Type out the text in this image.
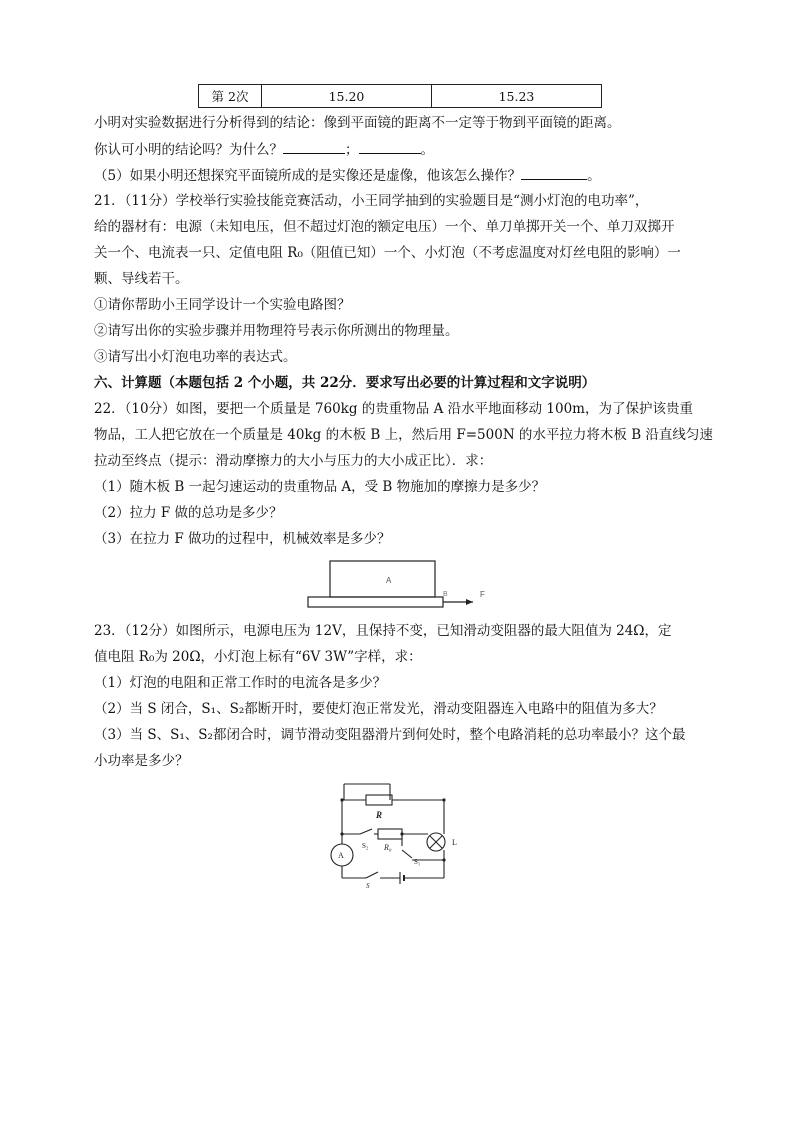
第 2次	15.20	15.23
小明对实验数据进行分析得到的结论：像到平面镜的距离不一定等于物到平面镜的距离。
你认可小明的结论吗？为什么？	；	。
（5）如果小明还想探究平面镜所成的是实像还是虚像，他该怎么操作？	。
21．（11分）学校举行实验技能竞赛活动，小王同学抽到的实验题目是“测小灯泡的电功率”，
给的器材有：电源（未知电压，但不超过灯泡的额定电压）一个、单刀单掷开关一个、单刀双掷开
关一个、电流表一只、定值电阻 R₀（阻值已知）一个、小灯泡（不考虑温度对灯丝电阻的影响）一
颗、导线若干。
①请你帮助小王同学设计一个实验电路图？
②请写出你的实验步骤并用物理符号表示你所测出的物理量。
③请写出小灯泡电功率的表达式。
六、计算题（本题包括 2 个小题，共 22分．要求写出必要的计算过程和文字说明）
22．（10分）如图，要把一个质量是 760kg 的贵重物品 A 沿水平地面移动 100m，为了保护该贵重
物品，工人把它放在一个质量是 40kg 的木板 B 上，然后用 F=500N 的水平拉力将木板 B 沿直线匀速
拉动至终点（提示：滑动摩擦力的大小与压力的大小成正比）．求：
（1）随木板 B 一起匀速运动的贵重物品 A，受 B 物施加的摩擦力是多少？
（2）拉力 F 做的总功是多少？
（3）在拉力 F 做功的过程中，机械效率是多少？
A
B	F
23．（12分）如图所示，电源电压为 12V，且保持不变，已知滑动变阻器的最大阻值为 24Ω，定
值电阻 R₀为 20Ω，小灯泡上标有“6V 3W”字样，求：
（1）灯泡的电阻和正常工作时的电流各是多少？
（2）当 S 闭合，S₁、S₂都断开时，要使灯泡正常发光，滑动变阻器连入电路中的阻值为多大？
（3）当 S、S₁、S₂都闭合时，调节滑动变阻器滑片到何处时，整个电路消耗的总功率最小？这个最
小功率是多少？
R
S₂ R₀
S₁
S
A
L
